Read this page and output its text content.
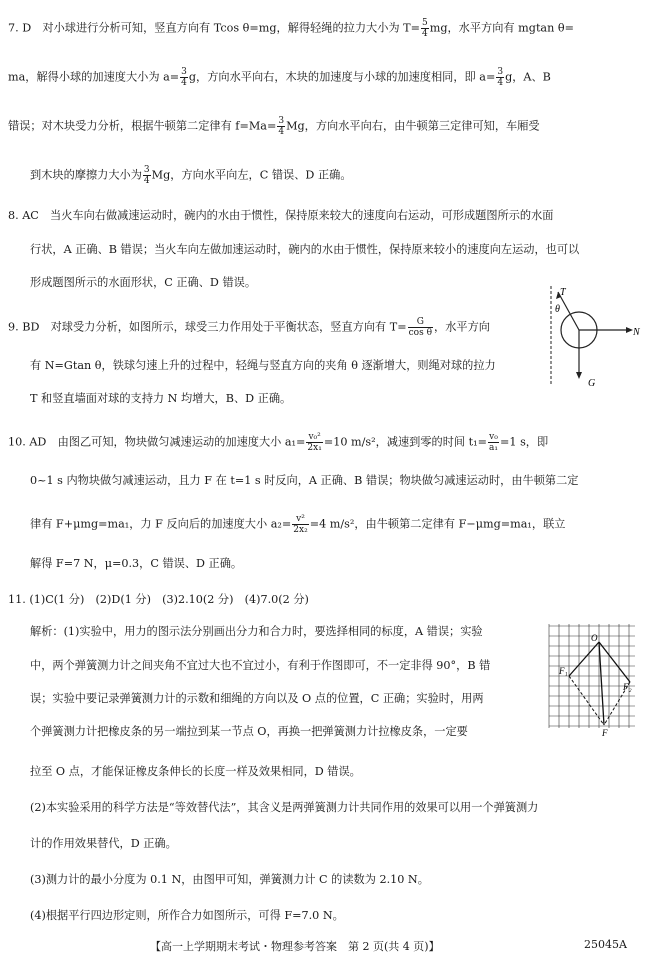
7. D　对小球进行分析可知，竖直方向有 Tcos θ=mg，解得轻绳的拉力大小为 $T= \frac{5}{4}$ mg，水平方向有 mgtan θ=
ma，解得小球的加速度大小为 $a= \frac{3}{4}$ g，方向水平向右，木块的加速度与小球的加速度相同，即 $a= \frac{3}{4}$ g，A、B
错误；对木块受力分析，根据牛顿第二定律有 $f=Ma= \frac{3}{4}$ Mg，方向水平向右，由牛顿第三定律可知，车厢受
到木块的摩擦力大小为 $\frac{3}{4}$ Mg，方向水平向左，C 错误、D 正确。
8. AC　当火车向右做减速运动时，碗内的水由于惯性，保持原来较大的速度向右运动，可形成题图所示的水面
行状，A 正确、B 错误；当火车向左做加速运动时，碗内的水由于惯性，保持原来较小的速度向左运动，也可以
形成题图所示的水面形状，C 正确、D 错误。
9. BD　对球受力分析，如图所示，球受三力作用处于平衡状态，竖直方向有 $T= \frac{G}{\text{cos θ}}$ ，水平方向
有 N=Gtan θ，铁球匀速上升的过程中，轻绳与竖直方向的夹角 θ 逐渐增大，则绳对球的拉力
T 和竖直墙面对球的支持力 N 均增大，B、D 正确。
T
θ
N
G
10. AD　由图乙可知，物块做匀减速运动的加速度大小 $a_1= \frac{\text{v₀²}}{\text{2x₁}} =10$ m/s²，减速到零的时间 $t_1= \frac{\text{v₀}}{\text{a₁}} =1$ s，即
0~1 s 内物块做匀减速运动，且力 F 在 t=1 s 时反向，A 正确、B 错误；物块做匀减速运动时，由牛顿第二定
律有 F+μmg=ma₁，力 F 反向后的加速度大小 $a_2= \frac{\text{v²}}{\text{2x₂}} =4$ m/s²，由牛顿第二定律有 F−μmg=ma₁，联立
解得 F=7 N，μ=0.3，C 错误、D 正确。
11. (1)C(1 分)　(2)D(1 分)　(3)2.10(2 分)　(4)7.0(2 分)
解析：(1)实验中，用力的图示法分别画出分力和合力时，要选择相同的标度，A 错误；实验
中，两个弹簧测力计之间夹角不宜过大也不宜过小，有利于作图即可，不一定非得 90°，B 错
误；实验中要记录弹簧测力计的示数和细绳的方向以及 O 点的位置，C 正确；实验时，用两
个弹簧测力计把橡皮条的另一端拉到某一节点 O，再换一把弹簧测力计拉橡皮条，一定要
拉至 O 点，才能保证橡皮条伸长的长度一样及效果相同，D 错误。
(2)本实验采用的科学方法是“等效替代法”，其含义是两弹簧测力计共同作用的效果可以用一个弹簧测力
计的作用效果替代，D 正确。
(3)测力计的最小分度为 0.1 N，由图甲可知，弹簧测力计 C 的读数为 2.10 N。
(4)根据平行四边形定则，所作合力如图所示，可得 F=7.0 N。
O
F₁
F₂
F
【高一上学期期末考试・物理参考答案　第 2 页(共 4 页)】	25045A
